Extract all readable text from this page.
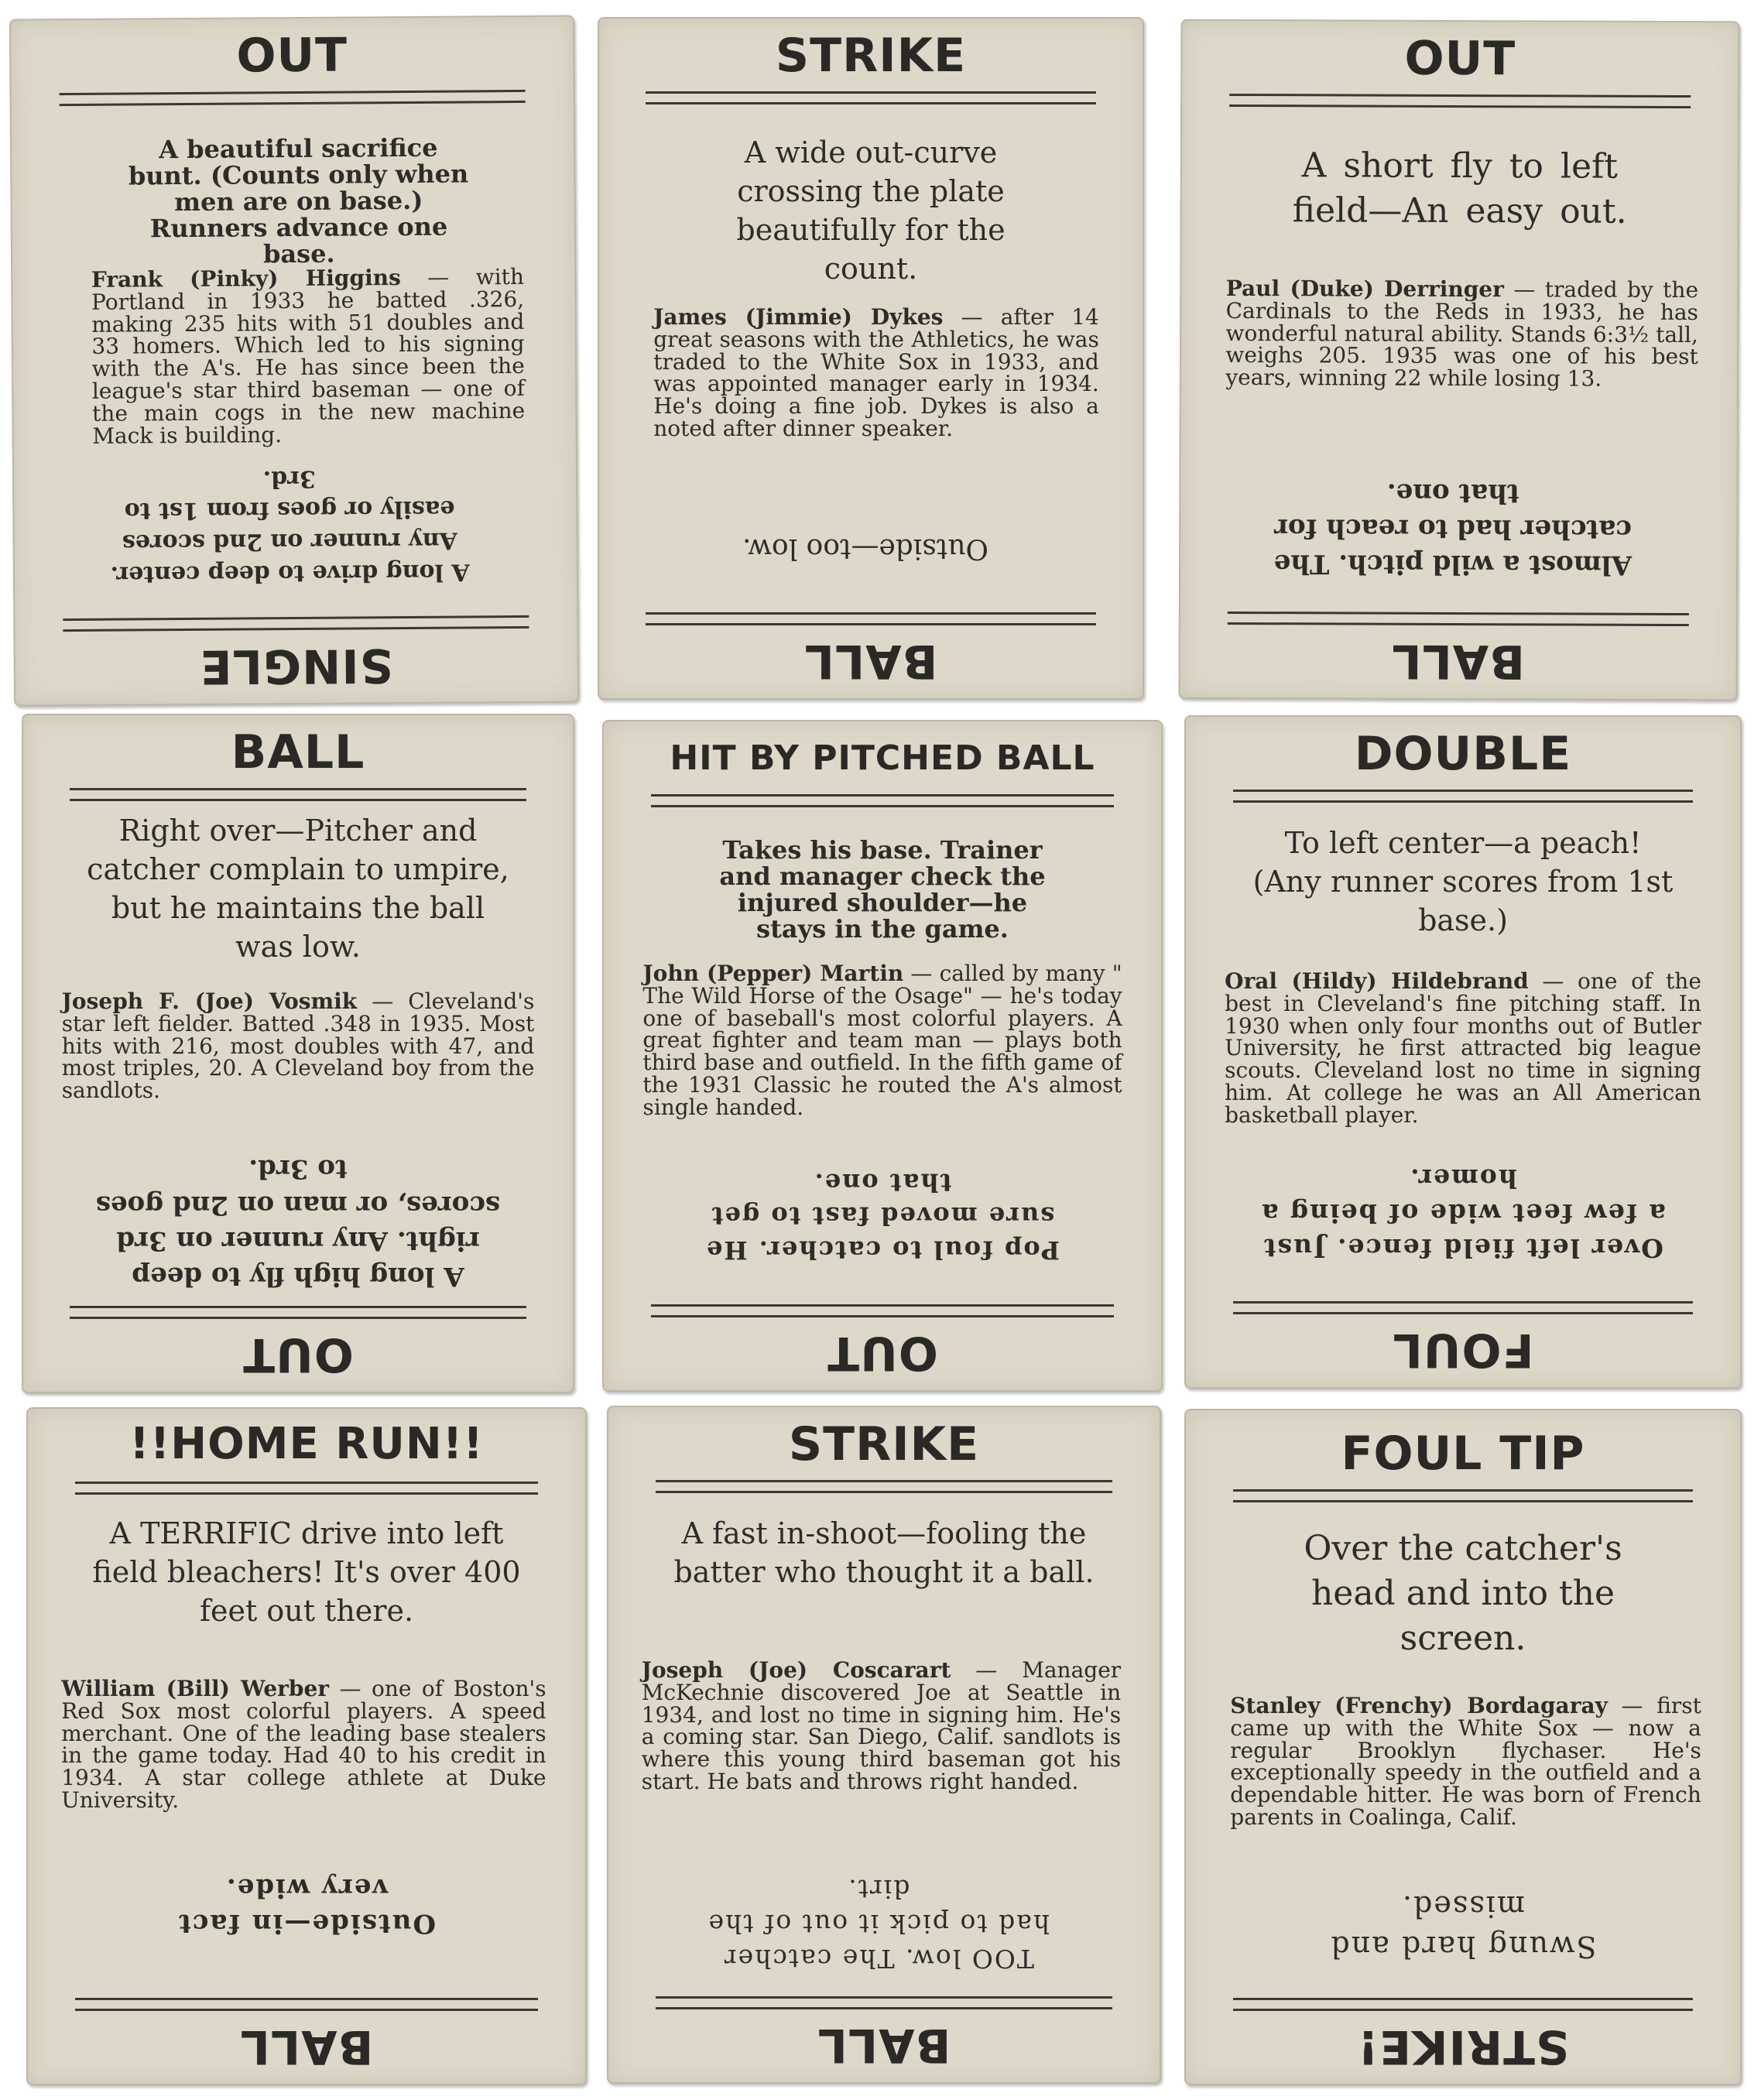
OUT
A beautiful sacrifice bunt. (Counts only when men are on base.) Runners advance one base.
Frank (Pinky) Higgins — with Portland in 1933 he batted .326, making 235 hits with 51 doubles and 33 homers. Which led to his signing with the A's. He has since been the league's star third baseman — one of the main cogs in the new machine Mack is building.
SINGLE
A long drive to deep center. Any runner on 2nd scores easily or goes from 1st to 3rd.
STRIKE
A wide out-curve crossing the plate beautifully for the count.
James (Jimmie) Dykes — after 14 great seasons with the Athletics, he was traded to the White Sox in 1933, and was appointed manager early in 1934. He's doing a fine job. Dykes is also a noted after dinner speaker.
BALL
Outside—too low.
OUT
A short fly to left field—An easy out.
Paul (Duke) Derringer — traded by the Cardinals to the Reds in 1933, he has wonderful natural ability. Stands 6:3½ tall, weighs 205. 1935 was one of his best years, winning 22 while losing 13.
BALL
Almost a wild pitch. The catcher had to reach for that one.
BALL
Right over—Pitcher and catcher complain to umpire, but he maintains the ball was low.
Joseph F. (Joe) Vosmik — Cleveland's star left fielder. Batted .348 in 1935. Most hits with 216, most doubles with 47, and most triples, 20. A Cleveland boy from the sandlots.
OUT
A long high fly to deep right. Any runner on 3rd scores, or man on 2nd goes to 3rd.
HIT BY PITCHED BALL
Takes his base. Trainer and manager check the injured shoulder—he stays in the game.
John (Pepper) Martin — called by many " The Wild Horse of the Osage" — he's today one of baseball's most colorful players. A great fighter and team man — plays both third base and outfield. In the fifth game of the 1931 Classic he routed the A's almost single handed.
OUT
Pop foul to catcher. He sure moved fast to get that one.
DOUBLE
To left center—a peach! (Any runner scores from 1st base.)
Oral (Hildy) Hildebrand — one of the best in Cleveland's fine pitching staff. In 1930 when only four months out of Butler University, he first attracted big league scouts. Cleveland lost no time in signing him. At college he was an All American basketball player.
FOUL
Over left field fence. Just a few feet wide of being a homer.
!!HOME RUN!!
A TERRIFIC drive into left field bleachers! It's over 400 feet out there.
William (Bill) Werber — one of Boston's Red Sox most colorful players. A speed merchant. One of the leading base stealers in the game today. Had 40 to his credit in 1934. A star college athlete at Duke University.
BALL
Outside—in fact very wide.
STRIKE
A fast in-shoot—fooling the batter who thought it a ball.
Joseph (Joe) Coscarart — Manager McKechnie discovered Joe at Seattle in 1934, and lost no time in signing him. He's a coming star. San Diego, Calif. sandlots is where this young third baseman got his start. He bats and throws right handed.
BALL
TOO low. The catcher had to pick it out of the dirt.
FOUL TIP
Over the catcher's head and into the screen.
Stanley (Frenchy) Bordagaray — first came up with the White Sox — now a regular Brooklyn flychaser. He's exceptionally speedy in the outfield and a dependable hitter. He was born of French parents in Coalinga, Calif.
STRIKE!
Swung hard and missed.
